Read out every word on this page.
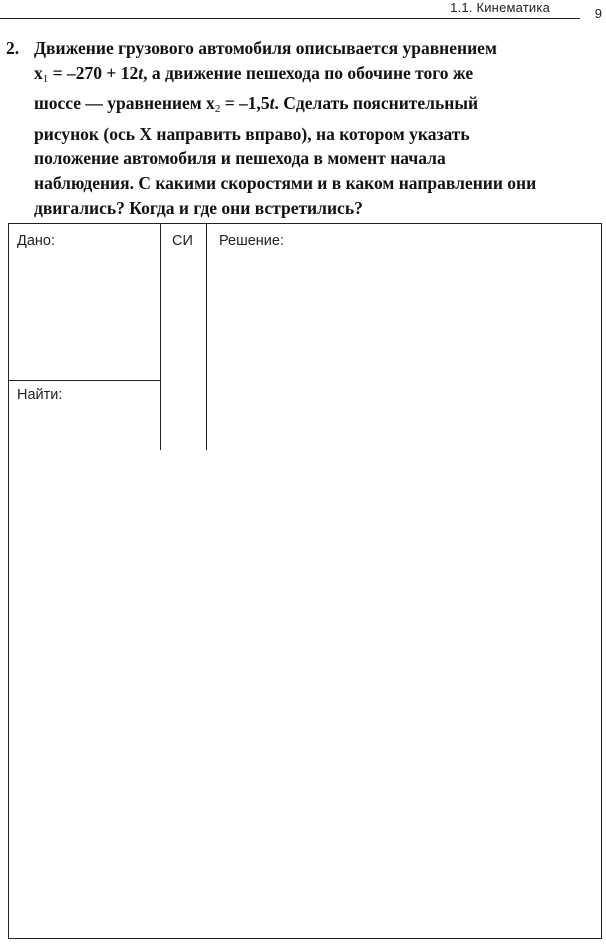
1.1. Кинематика	9
2. Движение грузового автомобиля описывается уравнением
$x_1 = -270 + 12t$, а движение пешехода по обочине того же
шоссе — уравнением $x_2 = -1,5t$. Сделать пояснительный
рисунок (ось X направить вправо), на котором указать
положение автомобиля и пешехода в момент начала
наблюдения. С какими скоростями и в каком направлении они
двигались? Когда и где они встретились?
Дано:	СИ Решение:
Найти:
